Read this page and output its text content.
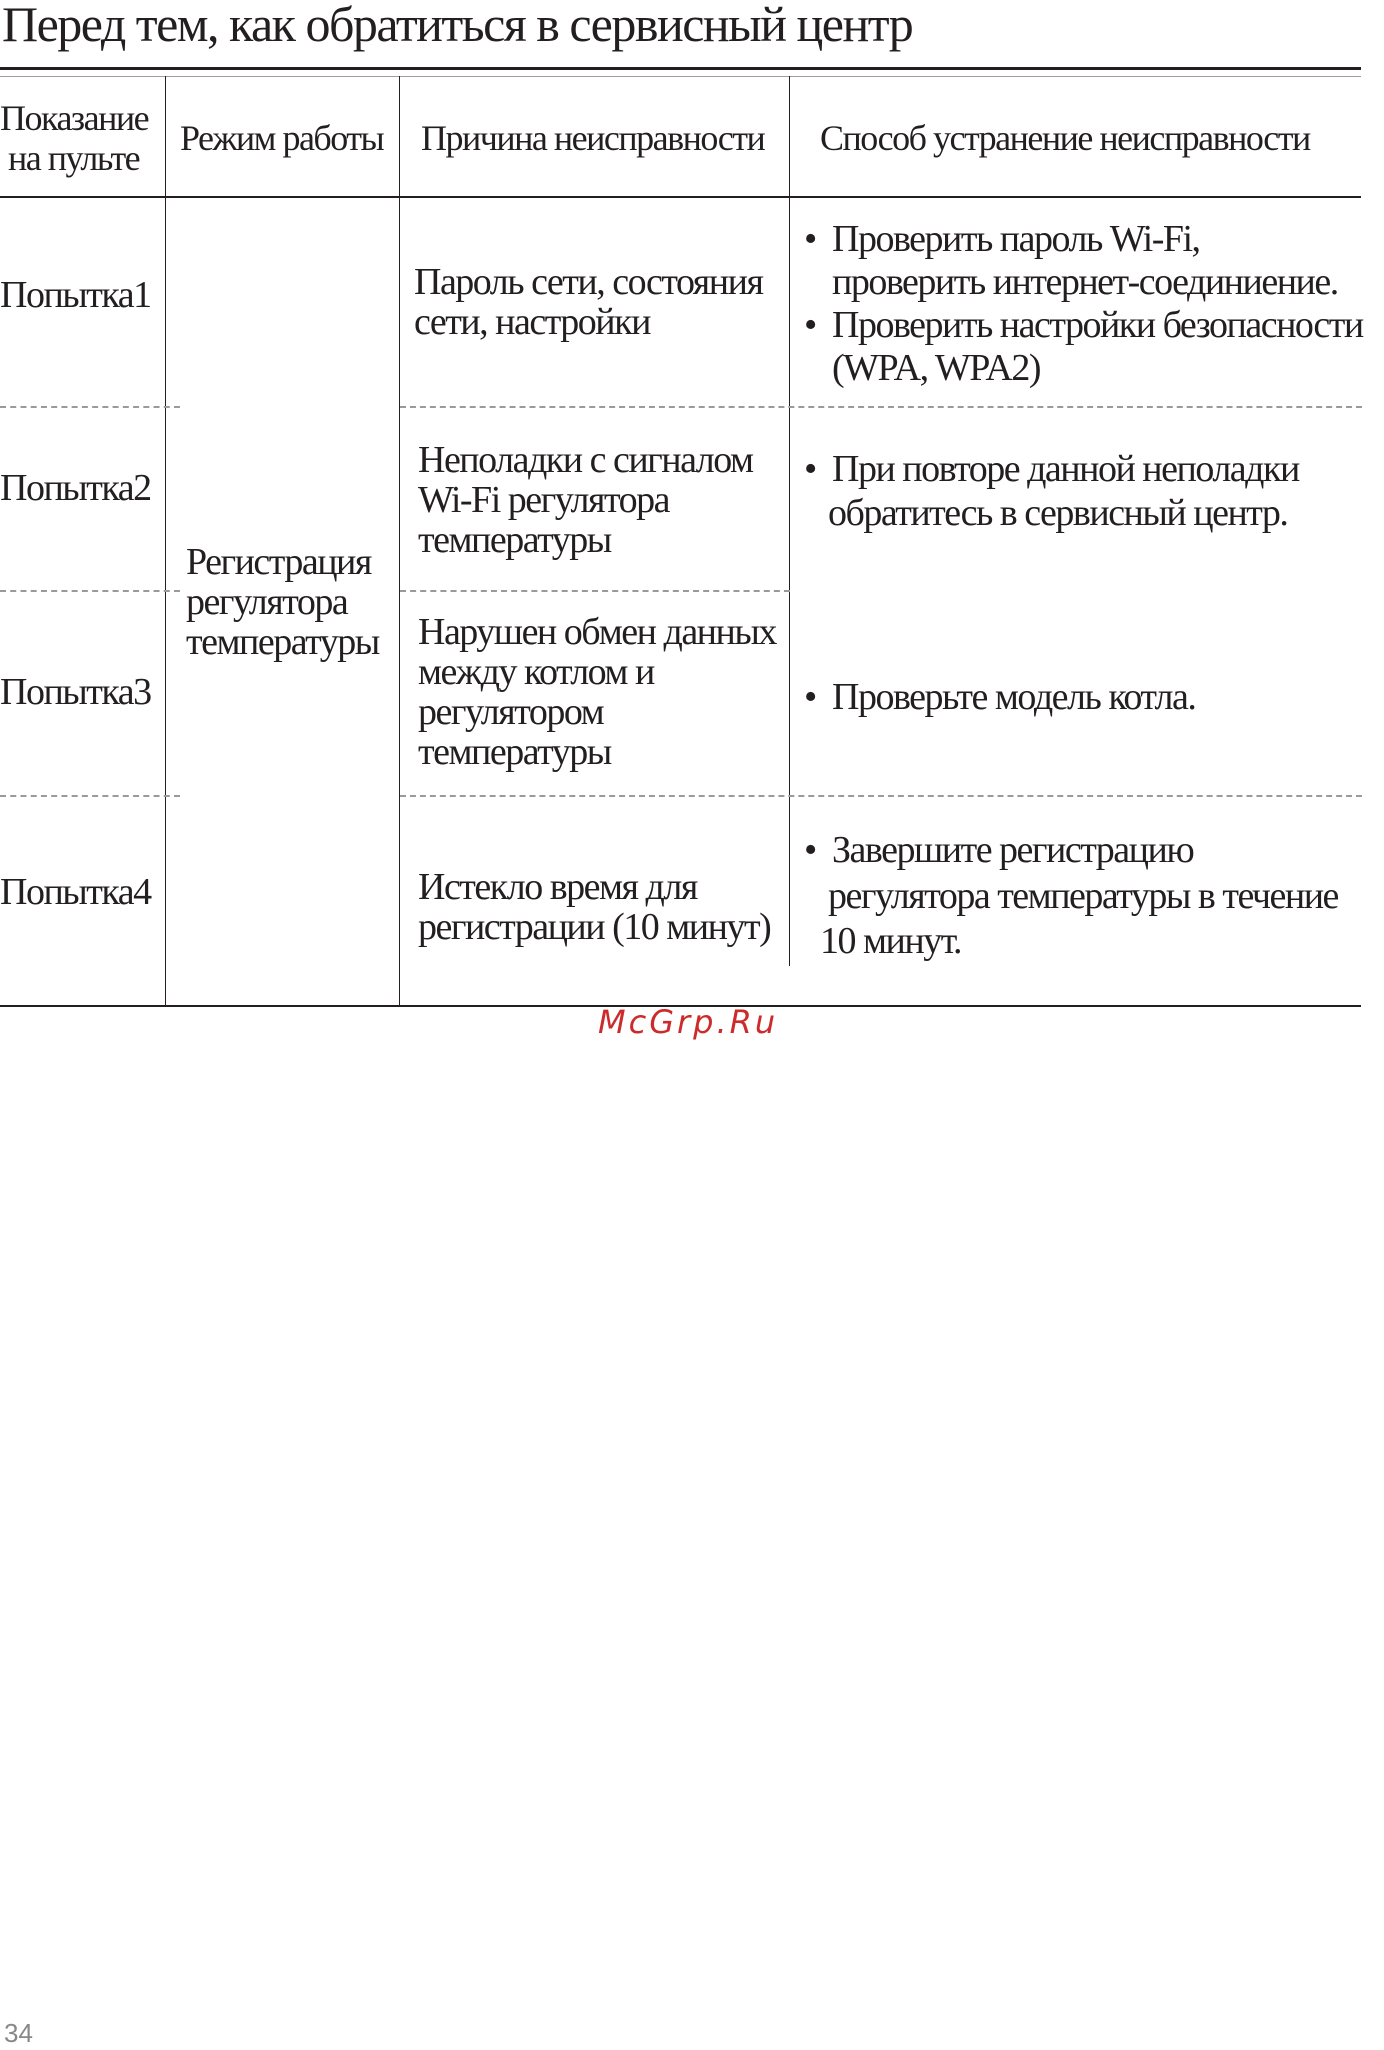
Перед тем, как обратиться в сервисный центр
Показание
на пульте Режим работы Причина неисправности Способ устранение неисправности
Регистрация
регулятора
температуры
Попытка1	Пароль сети, состояния
сети, настройки
• Проверить пароль Wi-Fi,
проверить интернет-соединиение.
• Проверить настройки безопасности
(WPA, WPA2)
Попытка2
Неполадки с сигналом
Wi-Fi регулятора
температуры
• При повторе данной неполадки
обратитесь в сервисный центр.
Попытка3
Нарушен обмен данных
между котлом и
регулятором
температуры
• Проверьте модель котла.
Попытка4	Истекло время для
регистрации (10 минут)
• Завершите регистрацию
регулятора температуры в течение
10 минут.
McGrp.Ru
34
